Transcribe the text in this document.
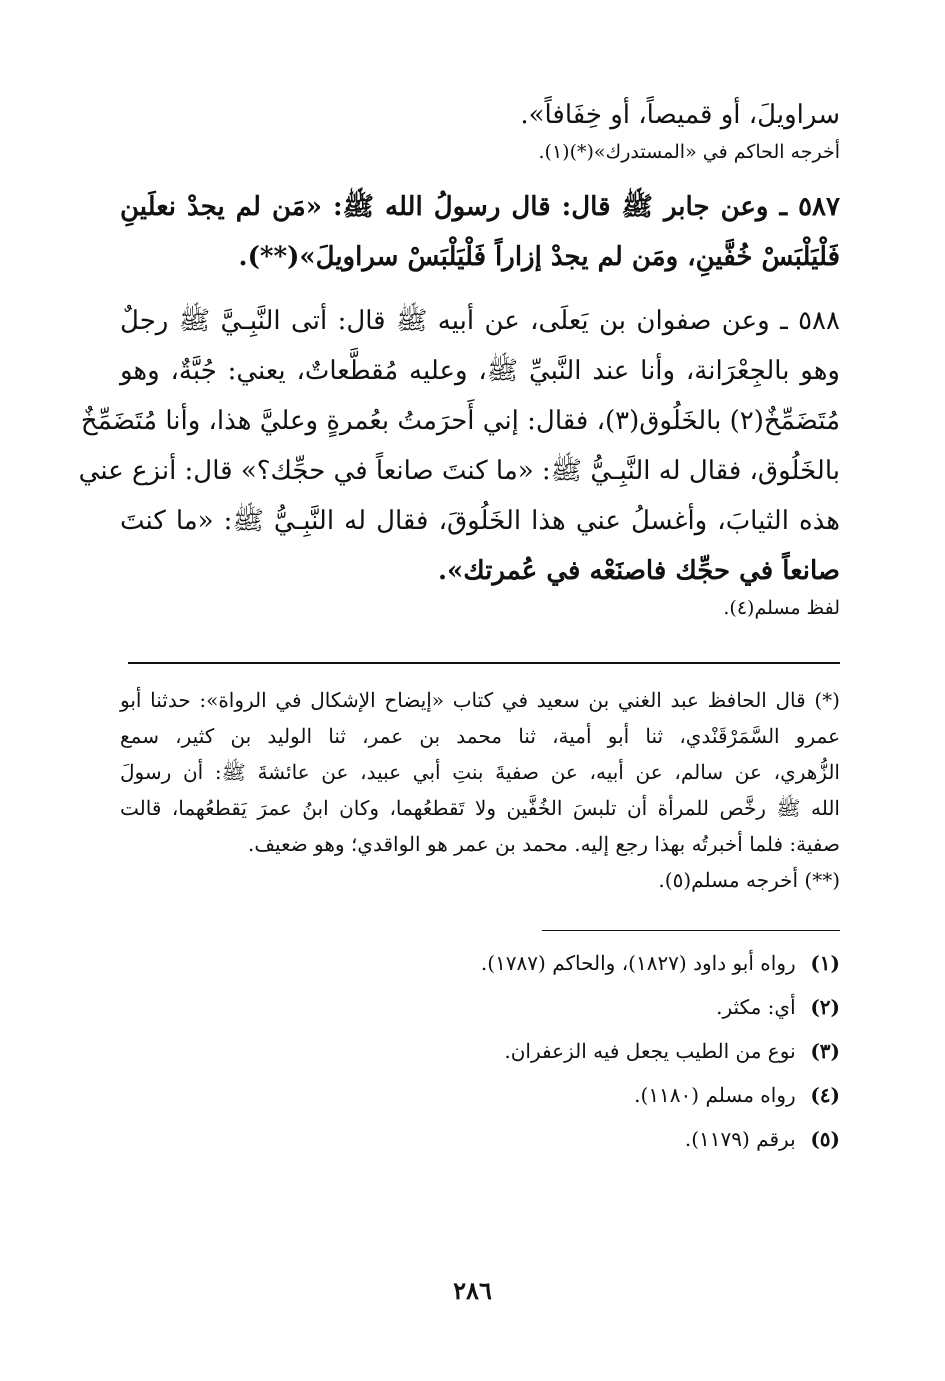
سراويلَ، أو قميصاً، أو خِفَافاً».
أخرجه الحاكم في «المستدرك»(*)(١).
٥٨٧ ـ وعن جابر ﷺ قال: قال رسولُ الله ﷺ: «مَن لم يجدْ نعلَينِ
فَلْيَلْبَسْ خُفَّينِ، ومَن لم يجدْ إزاراً فَلْيَلْبَسْ سراويلَ»(**).
٥٨٨ ـ وعن صفوان بن يَعلَى، عن أبيه ﷺ قال: أتى النَّبِـيَّ ﷺ رجلٌ
وهو بالجِعْرَانة، وأنا عند النَّبيِّ ﷺ، وعليه مُقطَّعاتٌ، يعني: جُبَّةٌ، وهو
مُتَضَمِّخٌ(٢) بالخَلُوق(٣)، فقال: إني أَحرَمتُ بعُمرةٍ وعليَّ هذا، وأنا مُتَضَمِّخٌ
بالخَلُوق، فقال له النَّبِـيُّ ﷺ: «ما كنتَ صانعاً في حجِّك؟» قال: أنزع عني
هذه الثيابَ، وأغسلُ عني هذا الخَلُوقَ، فقال له النَّبِـيُّ ﷺ: «ما كنتَ
صانعاً في حجِّك فاصنَعْه في عُمرتك».
لفظ مسلم(٤).
(*) قال الحافظ عبد الغني بن سعيد في كتاب «إيضاح الإشكال في الرواة»: حدثنا أبو
عمرو السَّمَرْقَنْدي، ثنا أبو أمية، ثنا محمد بن عمر، ثنا الوليد بن كثير، سمع
الزُّهري، عن سالم، عن أبيه، عن صفيةَ بنتِ أبي عبيد، عن عائشةَ ﷺ: أن رسولَ
الله ﷺ رخَّص للمرأة أن تلبسَ الخُفَّين ولا تَقطعُهما، وكان ابنُ عمرَ يَقطعُهما، قالت
صفية: فلما أخبرتُه بهذا رجع إليه. محمد بن عمر هو الواقدي؛ وهو ضعيف.
(**) أخرجه مسلم(٥).
(١) رواه أبو داود (١٨٢٧)، والحاكم (١٧٨٧).
(٢) أي: مكثر.
(٣) نوع من الطيب يجعل فيه الزعفران.
(٤) رواه مسلم (١١٨٠).
(٥) برقم (١١٧٩).
٢٨٦
